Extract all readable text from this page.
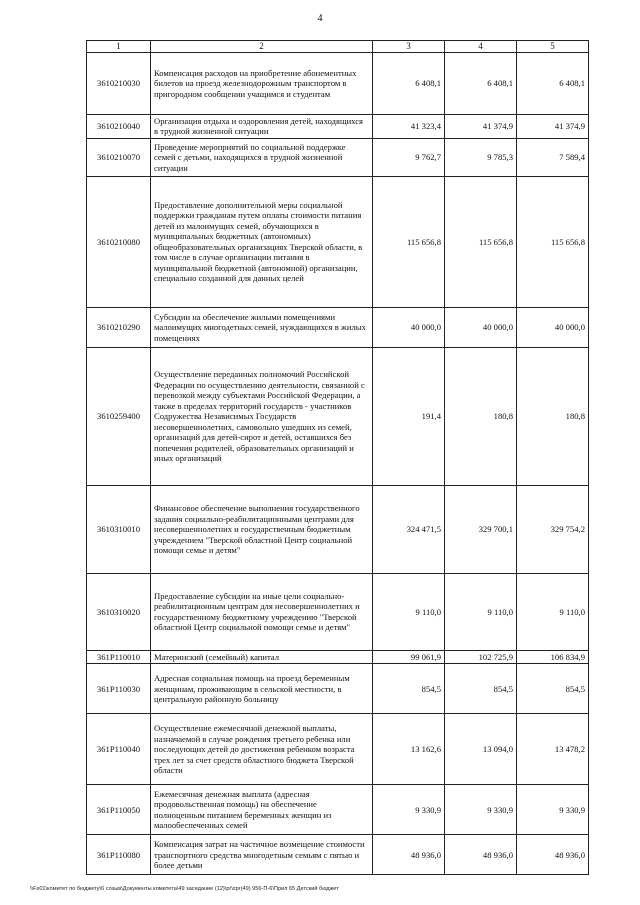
4
1	2	3	4	5
3610210030	Компенсация расходов на приобретение абонементных билетов на проезд железнодорожным транспортом в пригородном сообщении учащимся и студентам	6 408,1	6 408,1	6 408,1
3610210040	Организация отдыха и оздоровления детей, находящихся в трудной жизненной ситуации	41 323,4	41 374,9	41 374,9
3610210070	Проведение мероприятий по социальной поддержке семей с детьми, находящихся в трудной жизненной ситуации	9 762,7	9 785,3	7 589,4
3610210080	Предоставление дополнительной меры социальной поддержки гражданам путем оплаты стоимости питания детей из малоимущих семей, обучающихся в муниципальных бюджетных (автономных) общеобразовательных организациях Тверской области, в том числе в случае организации питания в муниципальной бюджетной (автономной) организации, специально созданной для данных целей	115 656,8	115 656,8	115 656,8
3610210290	Субсидии на обеспечение жилыми помещениями малоимущих многодетных семей, нуждающихся в жилых помещениях	40 000,0	40 000,0	40 000,0
3610259400	Осуществление переданных полномочий Российской Федерации по осуществлению деятельности, связанной с перевозкой между субъектами Российской Федерации, а также в пределах территорий государств - участников Содружества Независимых Государств несовершеннолетних, самовольно ушедших из семей, организаций для детей-сирот и детей, оставшихся без попечения родителей, образовательных организаций и иных организаций	191,4	180,8	180,8
3610310010	Финансовое обеспечение выполнения государственного задания социально-реабилитационными центрами для несовершеннолетних и государственным бюджетным учреждением "Тверской областной Центр социальной помощи семье и детям"	324 471,5	329 700,1	329 754,2
3610310020	Предоставление субсидии на иные цели социально-реабилитационным центрам для несовершеннолетних и государственному бюджетному учреждению "Тверской областной Центр социальной помощи семье и детям"	9 110,0	9 110,0	9 110,0
361P110010	Материнский (семейный) капитал	99 061,9	102 725,9	106 834,9
361P110030	Адресная социальная помощь на проезд беременным женщинам, проживающим в сельской местности, в центральную районную больницу	854,5	854,5	854,5
361P110040	Осуществление ежемесячной денежной выплаты, назначаемой в случае рождения третьего ребенка или последующих детей до достижения ребенком возраста трех лет за счет средств областного бюджета Тверской области	13 162,6	13 094,0	13 478,2
361P110050	Ежемесячная денежная выплата (адресная продовольственная помощь) на обеспечение полноценным питанием беременных женщин из малообеспеченных семей	9 330,9	9 330,9	9 330,9
361P110080	Компенсация затрат на частичное возмещение стоимости транспортного средства многодетным семьям с пятью и более детьми	48 936,0	48 936,0	48 936,0
\\Fs01\комитет по бюджету\6 созыв\Документы комитета\49 заседание (12)\pr\zpr(49) 956-П-6\Прил 65 Детский бюджет
